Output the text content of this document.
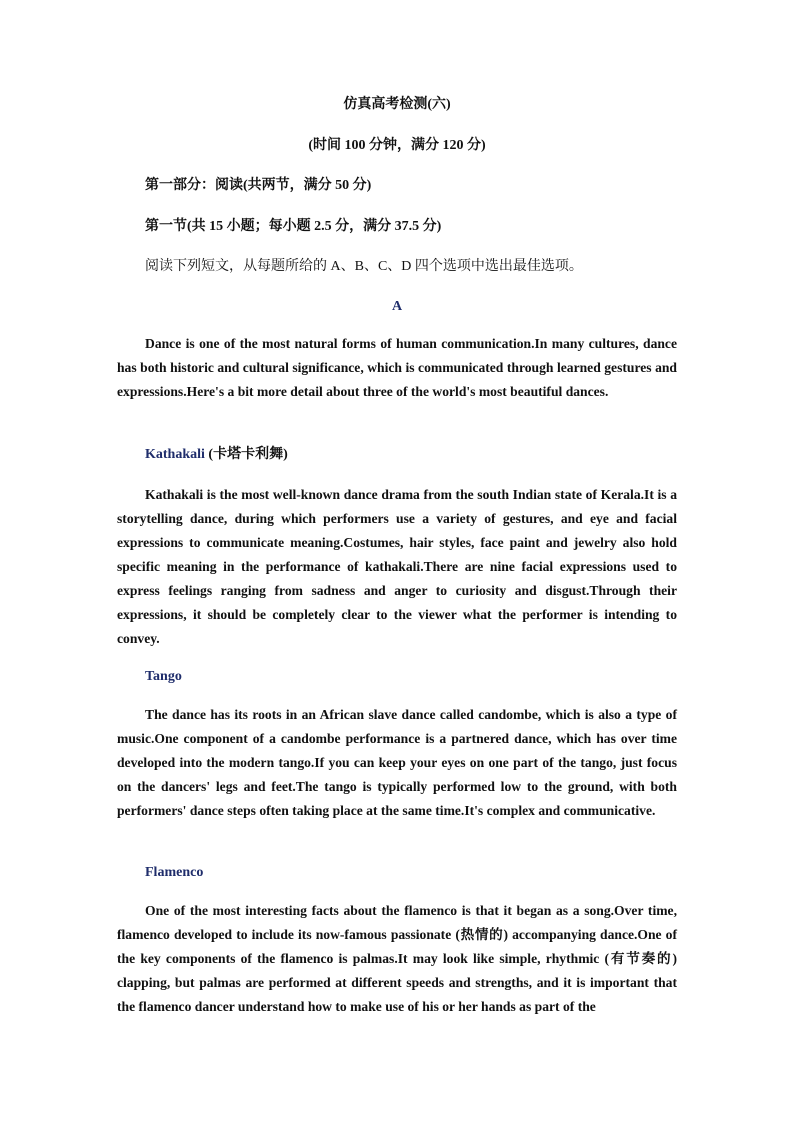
仿真高考检测(六)
(时间 100 分钟，满分 120 分)
第一部分：阅读(共两节，满分 50 分)
第一节(共 15 小题；每小题 2.5 分，满分 37.5 分)
阅读下列短文，从每题所给的 A、B、C、D 四个选项中选出最佳选项。
A

Dance is one of the most natural forms of human communication.In many cultures, dance has both historic and cultural significance, which is communicated through learned gestures and expressions.Here's a bit more detail about three of the world's most beautiful dances.

Kathakali (卡塔卡利舞)

Kathakali is the most well-known dance drama from the south Indian state of Kerala.It is a storytelling dance, during which performers use a variety of gestures, and eye and facial expressions to communicate meaning.Costumes, hair styles, face paint and jewelry also hold specific meaning in the performance of kathakali.There are nine facial expressions used to express feelings ranging from sadness and anger to curiosity and disgust.Through their expressions, it should be completely clear to the viewer what the performer is intending to convey.

Tango

The dance has its roots in an African slave dance called candombe, which is also a type of music.One component of a candombe performance is a partnered dance, which has over time developed into the modern tango.If you can keep your eyes on one part of the tango, just focus on the dancers' legs and feet.The tango is typically performed low to the ground, with both performers' dance steps often taking place at the same time.It's complex and communicative.

Flamenco

One of the most interesting facts about the flamenco is that it began as a song.Over time, flamenco developed to include its now-famous passionate (热情的) accompanying dance.One of the key components of the flamenco is palmas.It may look like simple, rhythmic (有节奏的) clapping, but palmas are performed at different speeds and strengths, and it is important that the flamenco dancer understand how to make use of his or her hands as part of the
